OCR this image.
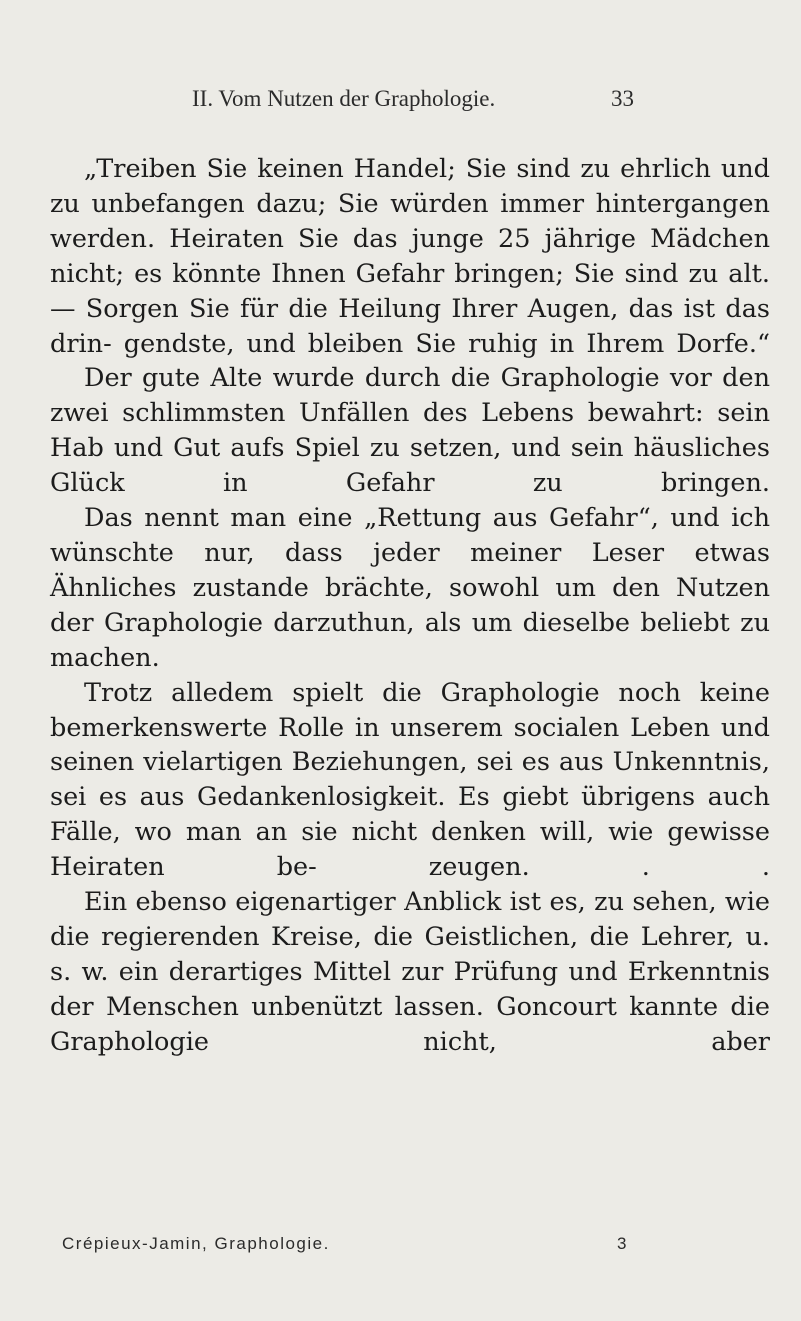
II. Vom Nutzen der Graphologie.	33

„Treiben Sie keinen Handel; Sie sind zu ehrlich und zu unbefangen dazu; Sie würden immer hintergangen werden. Heiraten Sie das junge 25 jährige Mädchen nicht; es könnte Ihnen Gefahr bringen; Sie sind zu alt. — Sorgen Sie für die Heilung Ihrer Augen, das ist das drin- gendste, und bleiben Sie ruhig in Ihrem Dorfe.“

Der gute Alte wurde durch die Graphologie vor den zwei schlimmsten Unfällen des Lebens bewahrt: sein Hab und Gut aufs Spiel zu setzen, und sein häusliches Glück in Gefahr zu bringen.

Das nennt man eine „Rettung aus Gefahr“, und ich wünschte nur, dass jeder meiner Leser etwas Ähnliches zustande brächte, sowohl um den Nutzen der Graphologie darzuthun, als um dieselbe beliebt zu machen.

Trotz alledem spielt die Graphologie noch keine bemerkenswerte Rolle in unserem socialen Leben und seinen vielartigen Beziehungen, sei es aus Unkenntnis, sei es aus Gedankenlosigkeit. Es giebt übrigens auch Fälle, wo man an sie nicht denken will, wie gewisse Heiraten be- zeugen. . .

Ein ebenso eigenartiger Anblick ist es, zu sehen, wie die regierenden Kreise, die Geistlichen, die Lehrer, u. s. w. ein derartiges Mittel zur Prüfung und Erkenntnis der Menschen unbenützt lassen. Goncourt kannte die Graphologie nicht, aber

Crépieux-Jamin, Graphologie.	3
